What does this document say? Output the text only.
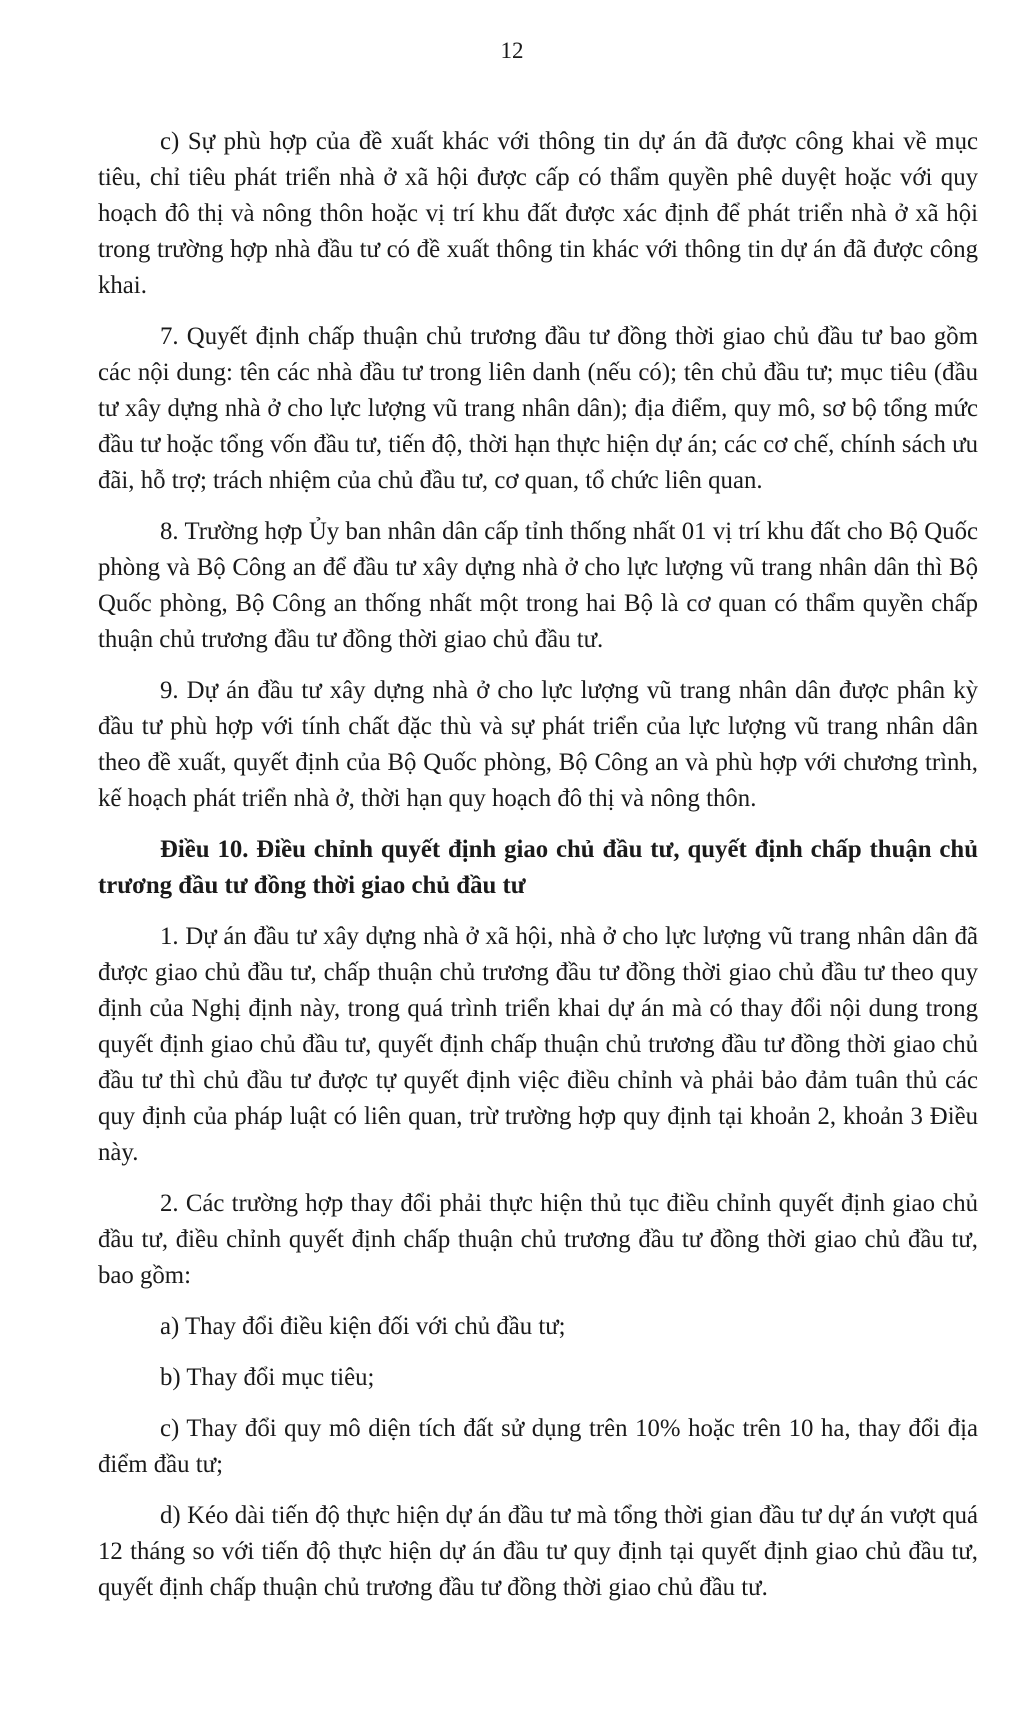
12

c) Sự phù hợp của đề xuất khác với thông tin dự án đã được công khai về mục tiêu, chỉ tiêu phát triển nhà ở xã hội được cấp có thẩm quyền phê duyệt hoặc với quy hoạch đô thị và nông thôn hoặc vị trí khu đất được xác định để phát triển nhà ở xã hội trong trường hợp nhà đầu tư có đề xuất thông tin khác với thông tin dự án đã được công khai.

7. Quyết định chấp thuận chủ trương đầu tư đồng thời giao chủ đầu tư bao gồm các nội dung: tên các nhà đầu tư trong liên danh (nếu có); tên chủ đầu tư; mục tiêu (đầu tư xây dựng nhà ở cho lực lượng vũ trang nhân dân); địa điểm, quy mô, sơ bộ tổng mức đầu tư hoặc tổng vốn đầu tư, tiến độ, thời hạn thực hiện dự án; các cơ chế, chính sách ưu đãi, hỗ trợ; trách nhiệm của chủ đầu tư, cơ quan, tổ chức liên quan.

8. Trường hợp Ủy ban nhân dân cấp tỉnh thống nhất 01 vị trí khu đất cho Bộ Quốc phòng và Bộ Công an để đầu tư xây dựng nhà ở cho lực lượng vũ trang nhân dân thì Bộ Quốc phòng, Bộ Công an thống nhất một trong hai Bộ là cơ quan có thẩm quyền chấp thuận chủ trương đầu tư đồng thời giao chủ đầu tư.

9. Dự án đầu tư xây dựng nhà ở cho lực lượng vũ trang nhân dân được phân kỳ đầu tư phù hợp với tính chất đặc thù và sự phát triển của lực lượng vũ trang nhân dân theo đề xuất, quyết định của Bộ Quốc phòng, Bộ Công an và phù hợp với chương trình, kế hoạch phát triển nhà ở, thời hạn quy hoạch đô thị và nông thôn.

Điều 10. Điều chỉnh quyết định giao chủ đầu tư, quyết định chấp thuận chủ trương đầu tư đồng thời giao chủ đầu tư

1. Dự án đầu tư xây dựng nhà ở xã hội, nhà ở cho lực lượng vũ trang nhân dân đã được giao chủ đầu tư, chấp thuận chủ trương đầu tư đồng thời giao chủ đầu tư theo quy định của Nghị định này, trong quá trình triển khai dự án mà có thay đổi nội dung trong quyết định giao chủ đầu tư, quyết định chấp thuận chủ trương đầu tư đồng thời giao chủ đầu tư thì chủ đầu tư được tự quyết định việc điều chỉnh và phải bảo đảm tuân thủ các quy định của pháp luật có liên quan, trừ trường hợp quy định tại khoản 2, khoản 3 Điều này.

2. Các trường hợp thay đổi phải thực hiện thủ tục điều chỉnh quyết định giao chủ đầu tư, điều chỉnh quyết định chấp thuận chủ trương đầu tư đồng thời giao chủ đầu tư, bao gồm:

a) Thay đổi điều kiện đối với chủ đầu tư;

b) Thay đổi mục tiêu;

c) Thay đổi quy mô diện tích đất sử dụng trên 10% hoặc trên 10 ha, thay đổi địa điểm đầu tư;

d) Kéo dài tiến độ thực hiện dự án đầu tư mà tổng thời gian đầu tư dự án vượt quá 12 tháng so với tiến độ thực hiện dự án đầu tư quy định tại quyết định giao chủ đầu tư, quyết định chấp thuận chủ trương đầu tư đồng thời giao chủ đầu tư.
